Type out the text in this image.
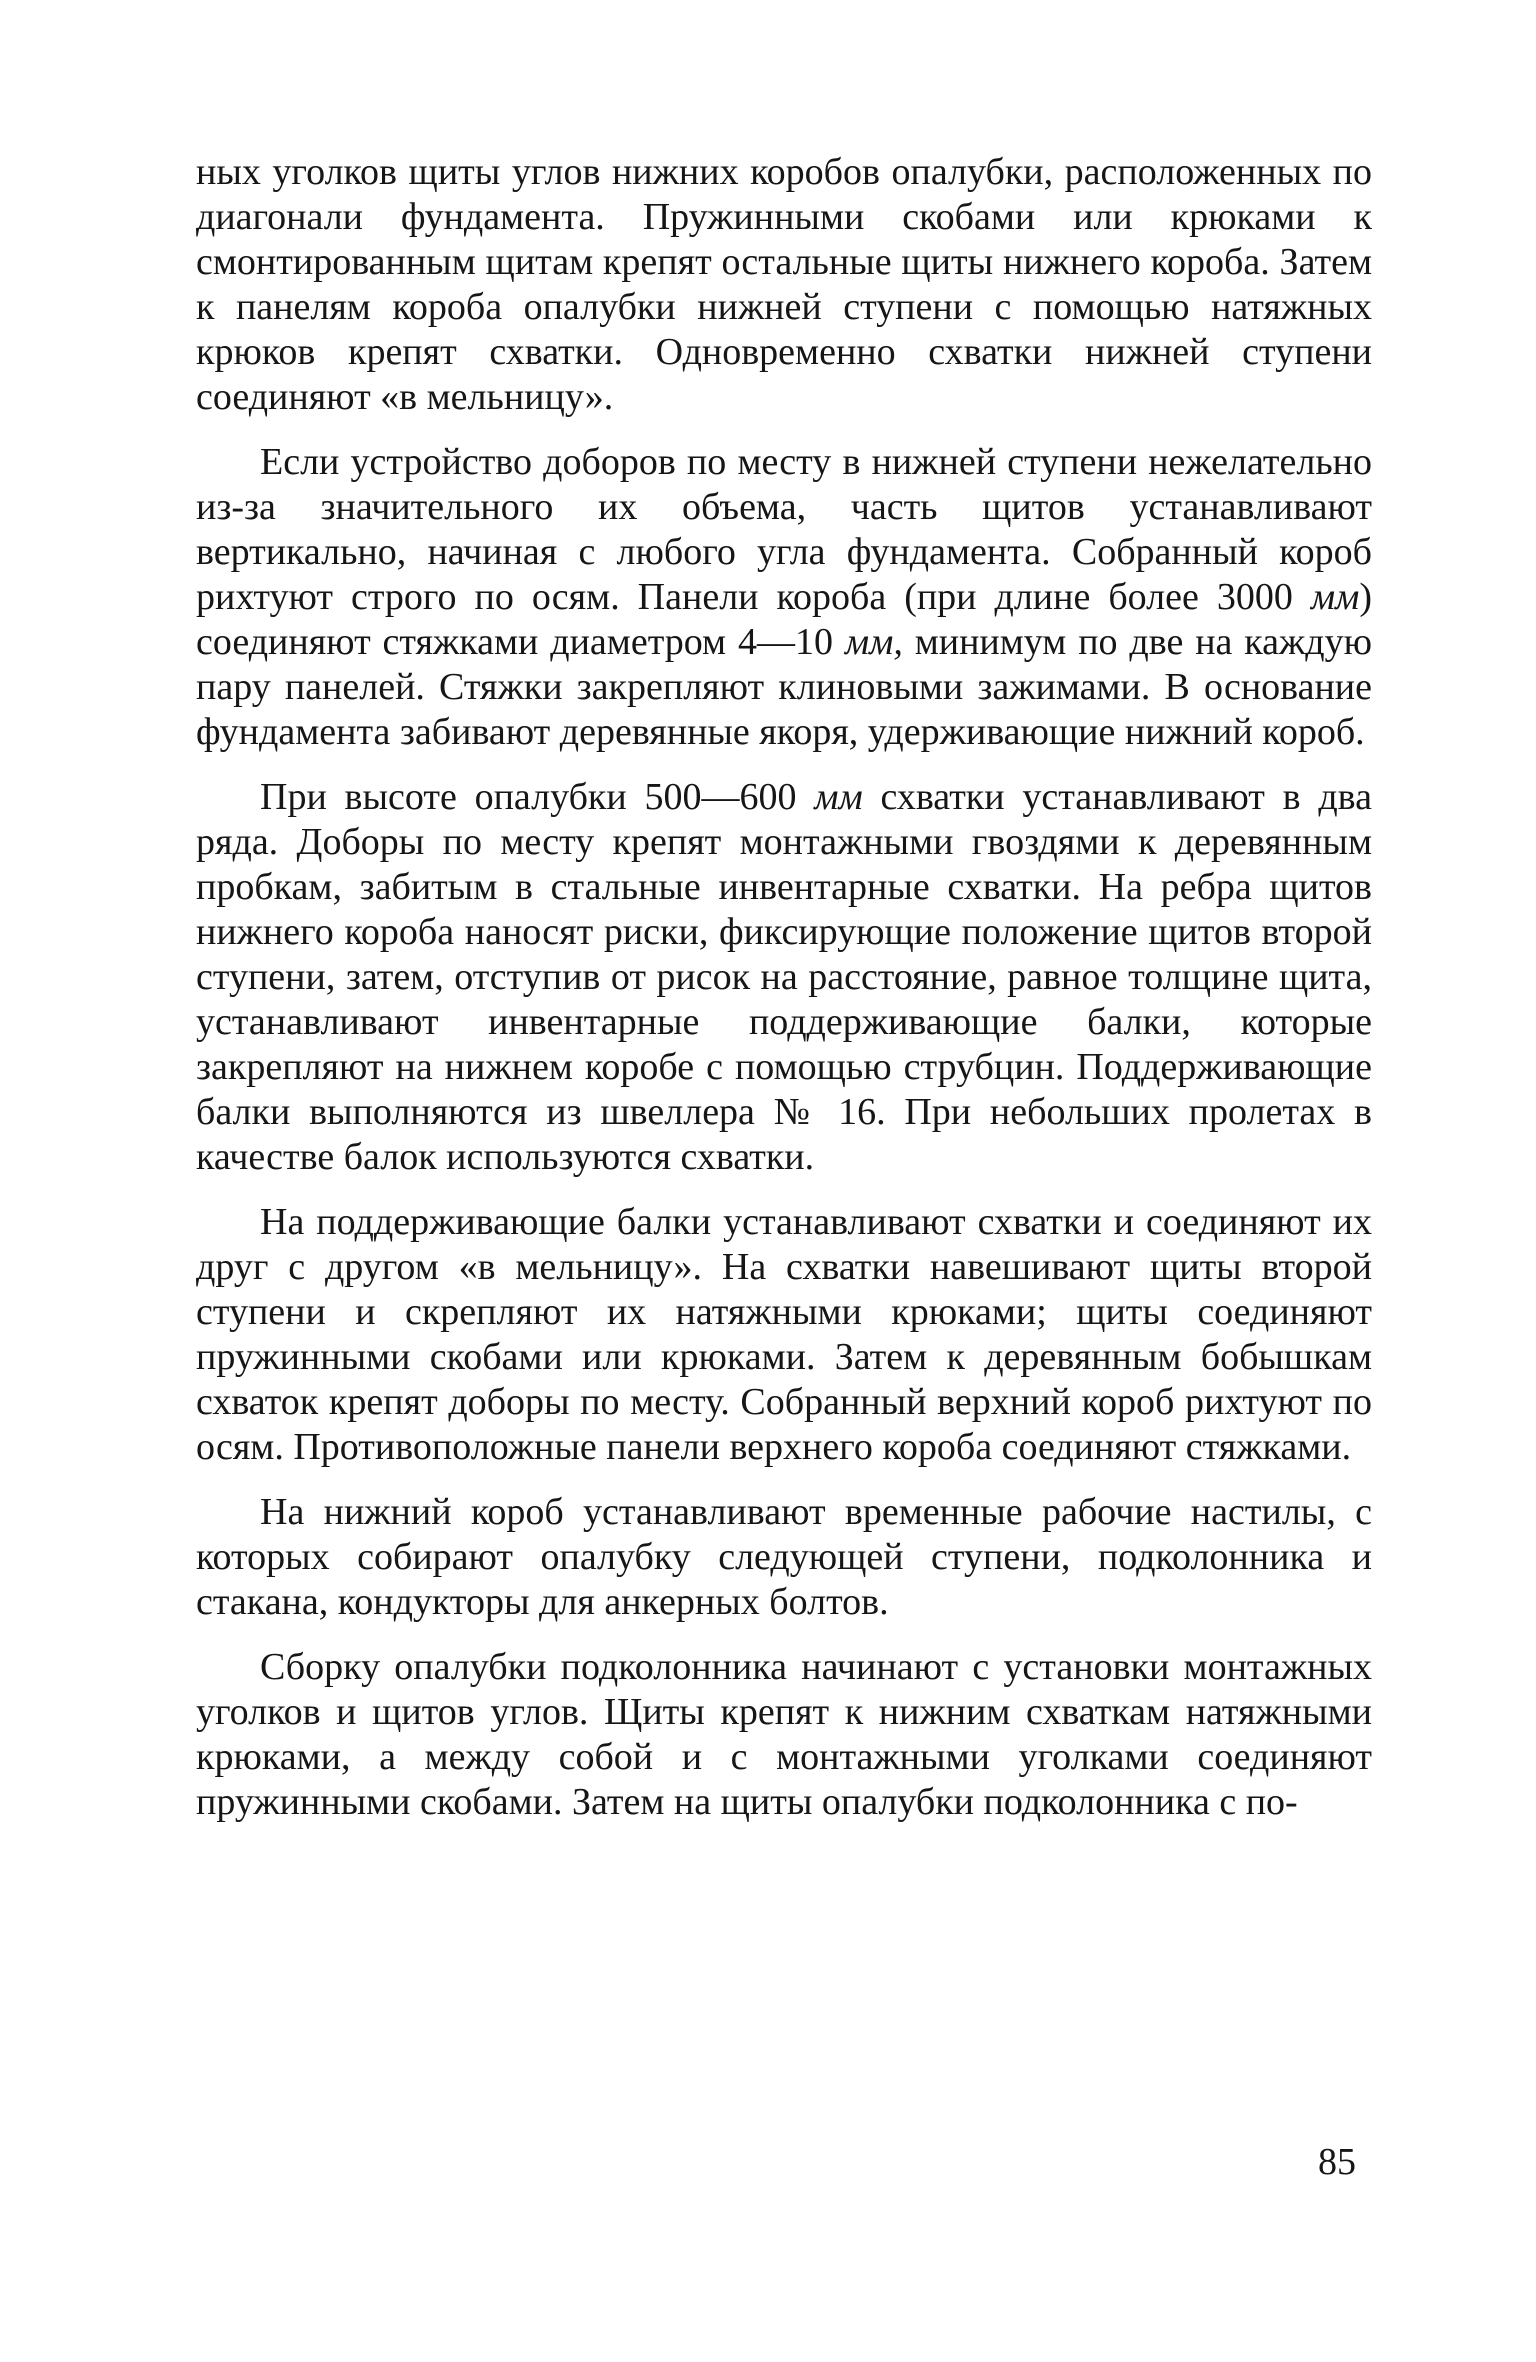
ных уголков щиты углов нижних коробов опалубки, расположенных по диагонали фундамента. Пружинными скобами или крюками к смонтированным щитам крепят остальные щиты нижнего короба. Затем к панелям короба опалубки нижней ступени с помощью натяжных крюков крепят схватки. Одновременно схватки нижней ступени соединяют «в мельницу».

Если устройство доборов по месту в нижней ступени нежелательно из-за значительного их объема, часть щитов устанавливают вертикально, начиная с любого угла фундамента. Собранный короб рихтуют строго по осям. Панели короба (при длине более 3000 мм) соединяют стяжками диаметром 4—10 мм, минимум по две на каждую пару панелей. Стяжки закрепляют клиновыми зажимами. В основание фундамента забивают деревянные якоря, удерживающие нижний короб.

При высоте опалубки 500—600 мм схватки устанавливают в два ряда. Доборы по месту крепят монтажными гвоздями к деревянным пробкам, забитым в стальные инвентарные схватки. На ребра щитов нижнего короба наносят риски, фиксирующие положение щитов второй ступени, затем, отступив от рисок на расстояние, равное толщине щита, устанавливают инвентарные поддерживающие балки, которые закрепляют на нижнем коробе с помощью струбцин. Поддерживающие балки выполняются из швеллера № 16. При небольших пролетах в качестве балок используются схватки.

На поддерживающие балки устанавливают схватки и соединяют их друг с другом «в мельницу». На схватки навешивают щиты второй ступени и скрепляют их натяжными крюками; щиты соединяют пружинными скобами или крюками. Затем к деревянным бобышкам схваток крепят доборы по месту. Собранный верхний короб рихтуют по осям. Противоположные панели верхнего короба соединяют стяжками.

На нижний короб устанавливают временные рабочие настилы, с которых собирают опалубку следующей ступени, подколонника и стакана, кондукторы для анкерных болтов.

Сборку опалубки подколонника начинают с установки монтажных уголков и щитов углов. Щиты крепят к нижним схваткам натяжными крюками, а между собой и с монтажными уголками соединяют пружинными скобами. Затем на щиты опалубки подколонника с по-

85
